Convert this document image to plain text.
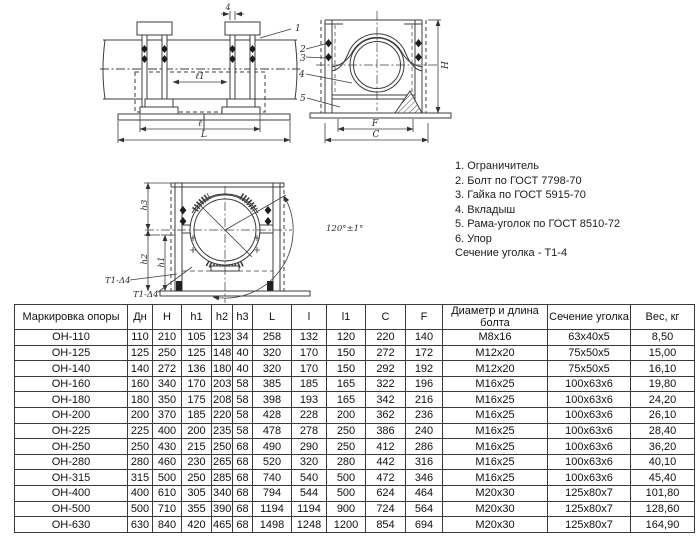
4
ℓ1
ℓ
L
1
2
3
4
5
H
F
C
h3
h2 h1
120°±1°
Т1-Δ4
Т1-Δ4
1. Ограничитель
2. Болт по ГОСТ 7798-70
3. Гайка по ГОСТ 5915-70
4. Вкладыш
5. Рама-уголок по ГОСТ 8510-72
6. Упор
Сечение уголка - Т1-4
Маркировка опоры	Дн	H	h1	h2	h3	L	l	l1	C	F	Диаметр и длина болта	Сечение уголка	Вес, кг
ОН-110	110	210	105	123	34	258	132	120	220	140	М8х16	63х40х5	8,50
ОН-125	125	250	125	148	40	320	170	150	272	172	М12х20	75х50х5	15,00
ОН-140	140	272	136	180	40	320	170	150	292	192	М12х20	75х50х5	16,10
ОН-160	160	340	170	203	58	385	185	165	322	196	М16х25	100х63х6	19,80
ОН-180	180	350	175	208	58	398	193	165	342	216	М16х25	100х63х6	24,20
ОН-200	200	370	185	220	58	428	228	200	362	236	М16х25	100х63х6	26,10
ОН-225	225	400	200	235	58	478	278	250	386	240	М16х25	100х63х6	28,40
ОН-250	250	430	215	250	68	490	290	250	412	286	М16х25	100х63х6	36,20
ОН-280	280	460	230	265	68	520	320	280	442	316	М16х25	100х63х6	40,10
ОН-315	315	500	250	285	68	740	540	500	472	346	М16х25	100х63х6	45,40
ОН-400	400	610	305	340	68	794	544	500	624	464	М20х30	125х80х7	101,80
ОН-500	500	710	355	390	68	1194	1194	900	724	564	М20х30	125х80х7	128,60
ОН-630	630	840	420	465	68	1498	1248	1200	854	694	М20х30	125х80х7	164,90
